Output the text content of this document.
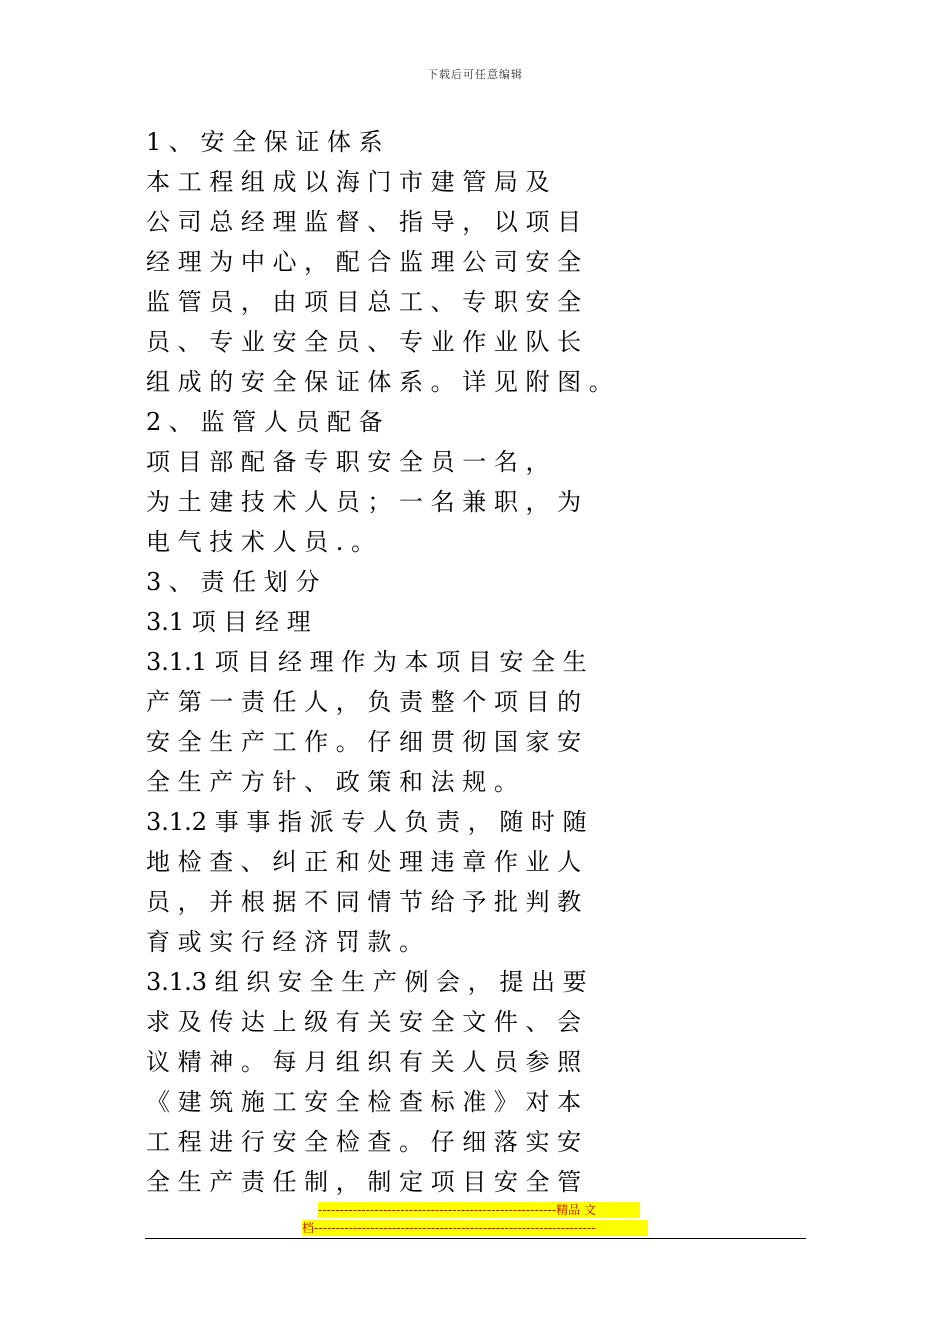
下载后可任意编辑
1 、 安 全 保 证 体 系
本 工 程 组 成 以 海 门 市 建 管 局 及
公 司 总 经 理 监 督 、 指 导 ， 以 项 目
经 理 为 中 心 ， 配 合 监 理 公 司 安 全
监 管 员 ， 由 项 目 总 工 、 专 职 安 全
员 、 专 业 安 全 员 、 专 业 作 业 队 长
组 成 的 安 全 保 证 体 系 。 详 见 附 图 。
2 、 监 管 人 员 配 备
项 目 部 配 备 专 职 安 全 员 一 名 ，
为 土 建 技 术 人 员 ； 一 名 兼 职 ， 为
电 气 技 术 人 员 . 。
3 、 责 任 划 分
3.1 项 目 经 理
3.1.1 项 目 经 理 作 为 本 项 目 安 全 生
产 第 一 责 任 人 ， 负 责 整 个 项 目 的
安 全 生 产 工 作 。 仔 细 贯 彻 国 家 安
全 生 产 方 针 、 政 策 和 法 规 。
3.1.2 事 事 指 派 专 人 负 责 ， 随 时 随
地 检 查 、 纠 正 和 处 理 违 章 作 业 人
员 ， 并 根 据 不 同 情 节 给 予 批 判 教
育 或 实 行 经 济 罚 款 。
3.1.3 组 织 安 全 生 产 例 会 ， 提 出 要
求 及 传 达 上 级 有 关 安 全 文 件 、 会
议 精 神 。 每 月 组 织 有 关 人 员 参 照
《 建 筑 施 工 安 全 检 查 标 准 》 对 本
工 程 进 行 安 全 检 查 。 仔 细 落 实 安
全 生 产 责 任 制 ， 制 定 项 目 安 全 管
-------------------------------------------------------精品 文
档-----------------------------------------------------------------
